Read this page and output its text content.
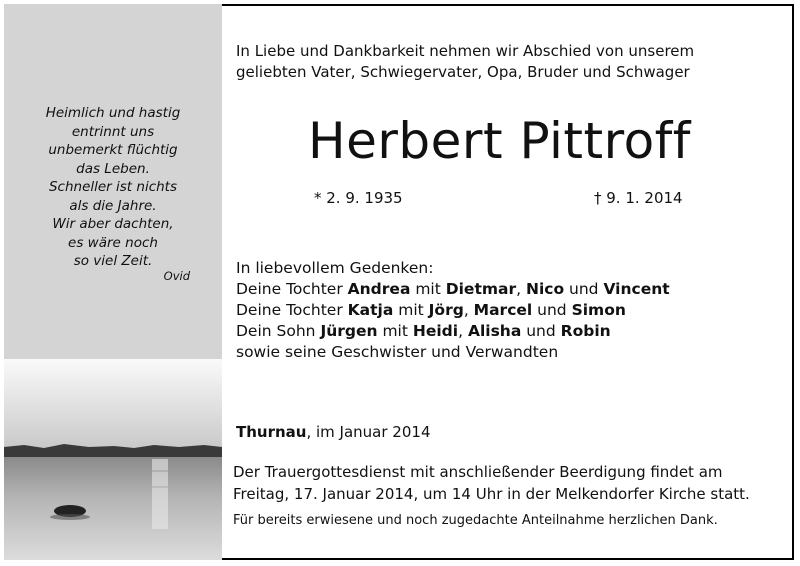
Heimlich und hastig
entrinnt uns
unbemerkt flüchtig
das Leben.
Schneller ist nichts
als die Jahre.
Wir aber dachten,
es wäre noch
so viel Zeit.
Ovid
In Liebe und Dankbarkeit nehmen wir Abschied von unserem
geliebten Vater, Schwiegervater, Opa, Bruder und Schwager
Herbert Pittroff
* 2. 9. 1935	† 9. 1. 2014
In liebevollem Gedenken:
Deine Tochter Andrea mit Dietmar, Nico und Vincent
Deine Tochter Katja mit Jörg, Marcel und Simon
Dein Sohn Jürgen mit Heidi, Alisha und Robin
sowie seine Geschwister und Verwandten
Thurnau, im Januar 2014
Der Trauergottesdienst mit anschließender Beerdigung findet am
Freitag, 17. Januar 2014, um 14 Uhr in der Melkendorfer Kirche statt.
Für bereits erwiesene und noch zugedachte Anteilnahme herzlichen Dank.
